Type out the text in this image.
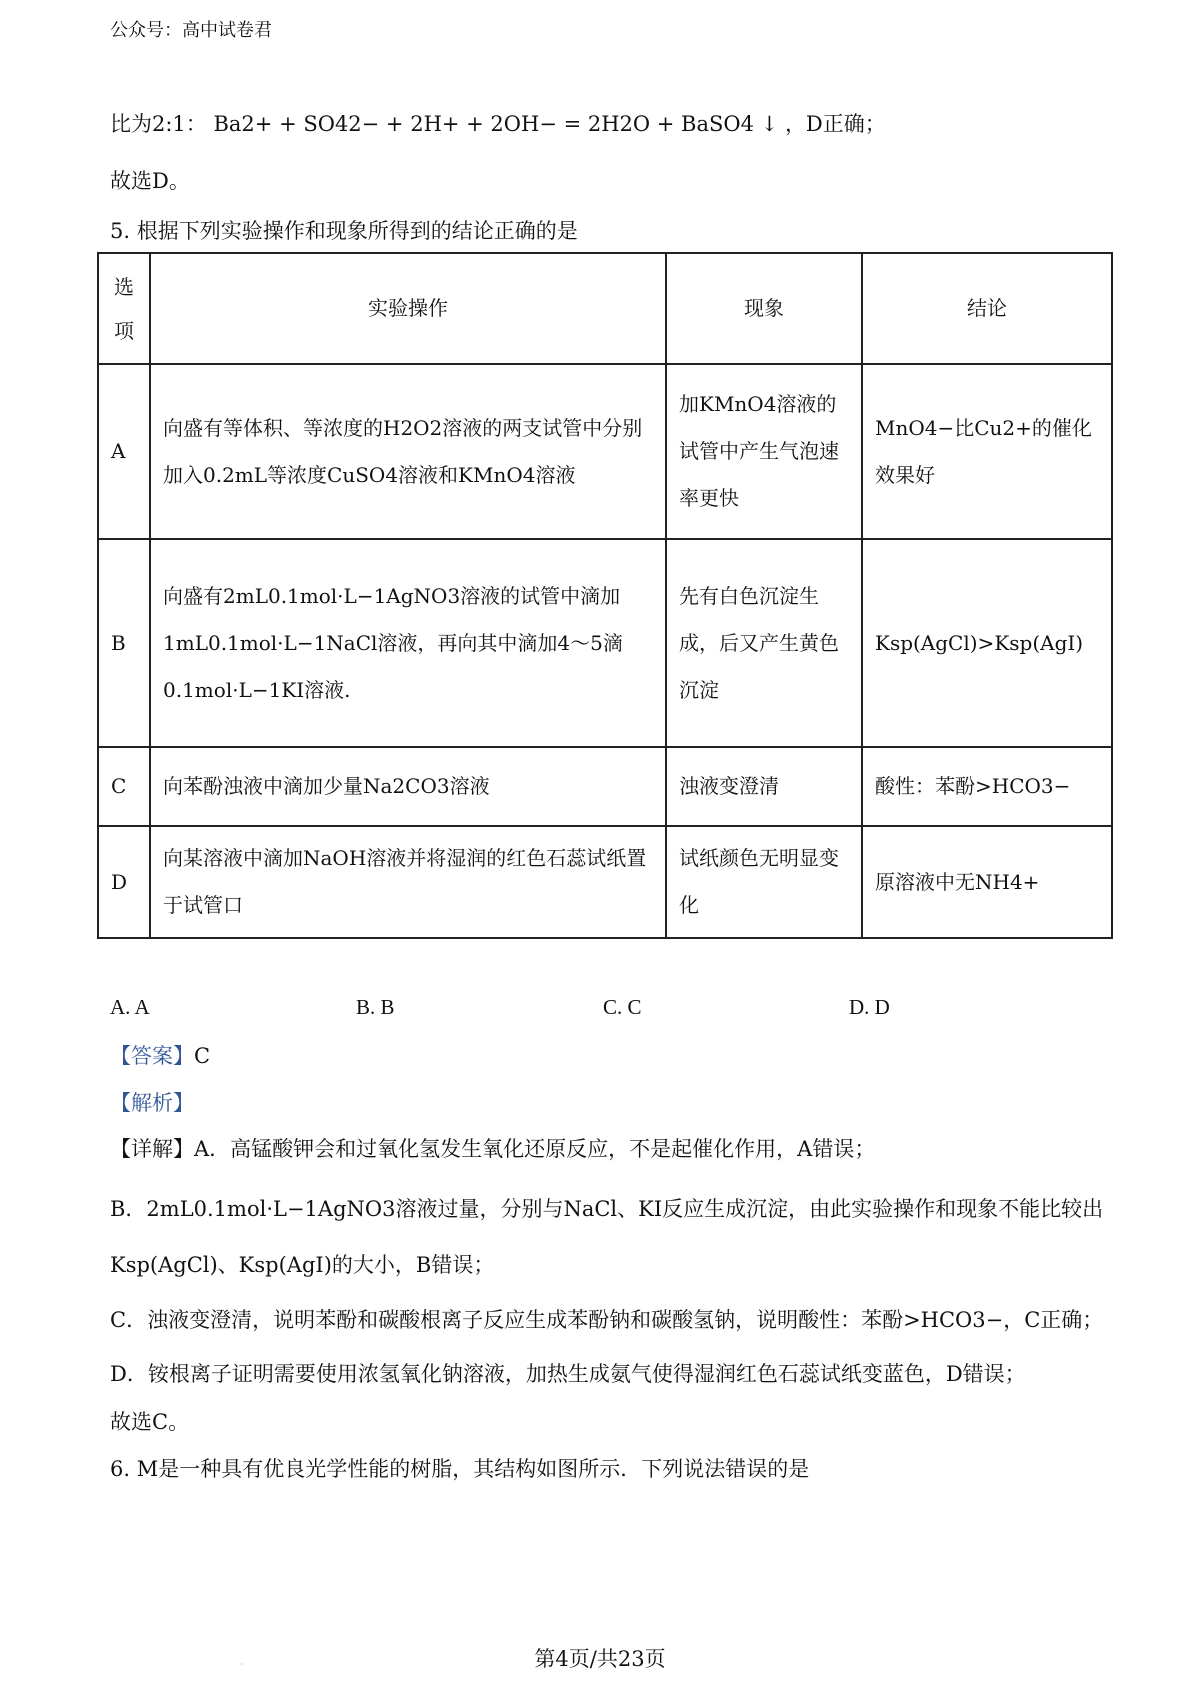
公众号：高中试卷君
比为2:1： Ba2+ + SO42− + 2H+ + 2OH− = 2H2O + BaSO4 ↓ ，D正确；
故选D。
5. 根据下列实验操作和现象所得到的结论正确的是
选项	实验操作	现象	结论
A	向盛有等体积、等浓度的H2O2溶液的两支试管中分别加入0.2mL等浓度CuSO4溶液和KMnO4溶液	加KMnO4溶液的试管中产生气泡速率更快	MnO4−比Cu2+的催化效果好
B	向盛有2mL0.1mol·L−1AgNO3溶液的试管中滴加1mL0.1mol·L−1NaCl溶液，再向其中滴加4～5滴0.1mol·L−1KI溶液.	先有白色沉淀生成，后又产生黄色沉淀	Ksp(AgCl)>Ksp(AgI)
C	向苯酚浊液中滴加少量Na2CO3溶液	浊液变澄清	酸性：苯酚>HCO3−
D	向某溶液中滴加NaOH溶液并将湿润的红色石蕊试纸置于试管口	试纸颜色无明显变化	原溶液中无NH4+
A. A	B. B	C. C	D. D
【答案】C
【解析】
【详解】A．高锰酸钾会和过氧化氢发生氧化还原反应，不是起催化作用，A错误；
B．2mL0.1mol·L−1AgNO3溶液过量，分别与NaCl、KI反应生成沉淀，由此实验操作和现象不能比较出
Ksp(AgCl)、Ksp(AgI)的大小，B错误；
C．浊液变澄清，说明苯酚和碳酸根离子反应生成苯酚钠和碳酸氢钠，说明酸性：苯酚>HCO3−，C正确；
D．铵根离子证明需要使用浓氢氧化钠溶液，加热生成氨气使得湿润红色石蕊试纸变蓝色，D错误；
故选C。
6. M是一种具有优良光学性能的树脂，其结构如图所示．下列说法错误的是
·	第4页/共23页
